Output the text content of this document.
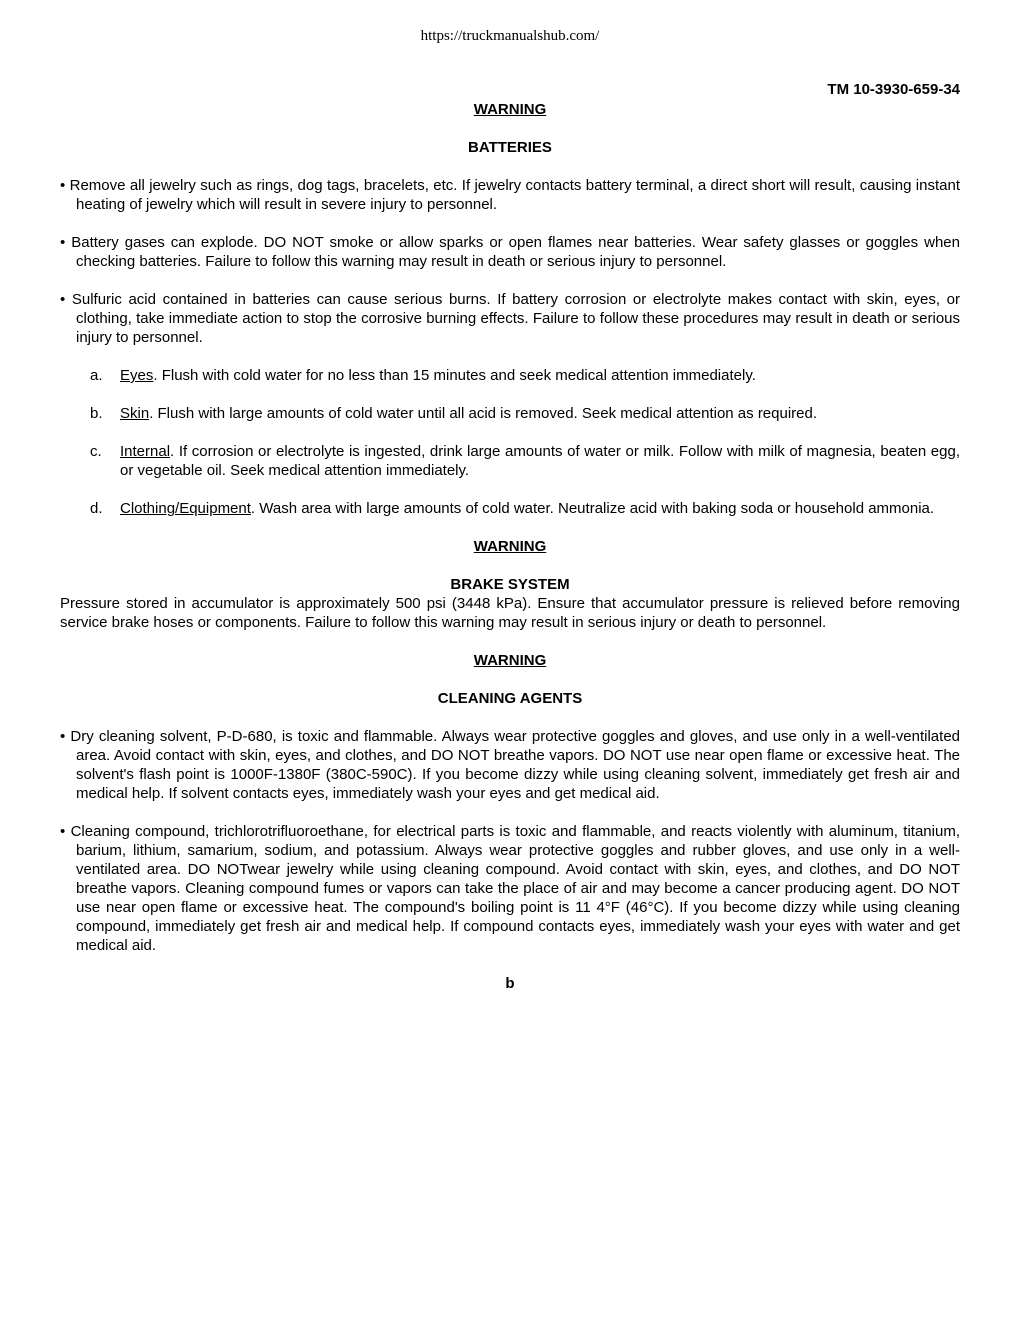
https://truckmanualshub.com/
TM 10-3930-659-34
WARNING
BATTERIES
• Remove all jewelry such as rings, dog tags, bracelets, etc. If jewelry contacts battery terminal, a direct short will result, causing instant heating of jewelry which will result in severe injury to personnel.
• Battery gases can explode. DO NOT smoke or allow sparks or open flames near batteries. Wear safety glasses or goggles when checking batteries. Failure to follow this warning may result in death or serious injury to personnel.
• Sulfuric acid contained in batteries can cause serious burns. If battery corrosion or electrolyte makes contact with skin, eyes, or clothing, take immediate action to stop the corrosive burning effects. Failure to follow these procedures may result in death or serious injury to personnel.
a.	Eyes. Flush with cold water for no less than 15 minutes and seek medical attention immediately.
b.	Skin. Flush with large amounts of cold water until all acid is removed. Seek medical attention as required.
c.	Internal. If corrosion or electrolyte is ingested, drink large amounts of water or milk. Follow with milk of magnesia, beaten egg, or vegetable oil. Seek medical attention immediately.
d.	Clothing/Equipment. Wash area with large amounts of cold water. Neutralize acid with baking soda or household ammonia.
WARNING
BRAKE SYSTEM
Pressure stored in accumulator is approximately 500 psi (3448 kPa). Ensure that accumulator pressure is relieved before removing service brake hoses or components. Failure to follow this warning may result in serious injury or death to personnel.
WARNING
CLEANING AGENTS
• Dry cleaning solvent, P-D-680, is toxic and flammable. Always wear protective goggles and gloves, and use only in a well-ventilated area. Avoid contact with skin, eyes, and clothes, and DO NOT breathe vapors. DO NOT use near open flame or excessive heat. The solvent's flash point is 1000F-1380F (380C-590C). If you become dizzy while using cleaning solvent, immediately get fresh air and medical help. If solvent contacts eyes, immediately wash your eyes and get medical aid.
• Cleaning compound, trichlorotrifluoroethane, for electrical parts is toxic and flammable, and reacts violently with aluminum, titanium, barium, lithium, samarium, sodium, and potassium. Always wear protective goggles and rubber gloves, and use only in a well-ventilated area. DO NOTwear jewelry while using cleaning compound. Avoid contact with skin, eyes, and clothes, and DO NOT breathe vapors. Cleaning compound fumes or vapors can take the place of air and may become a cancer producing agent. DO NOT use near open flame or excessive heat. The compound's boiling point is 11 4°F (46°C). If you become dizzy while using cleaning compound, immediately get fresh air and medical help. If compound contacts eyes, immediately wash your eyes with water and get medical aid.
b
